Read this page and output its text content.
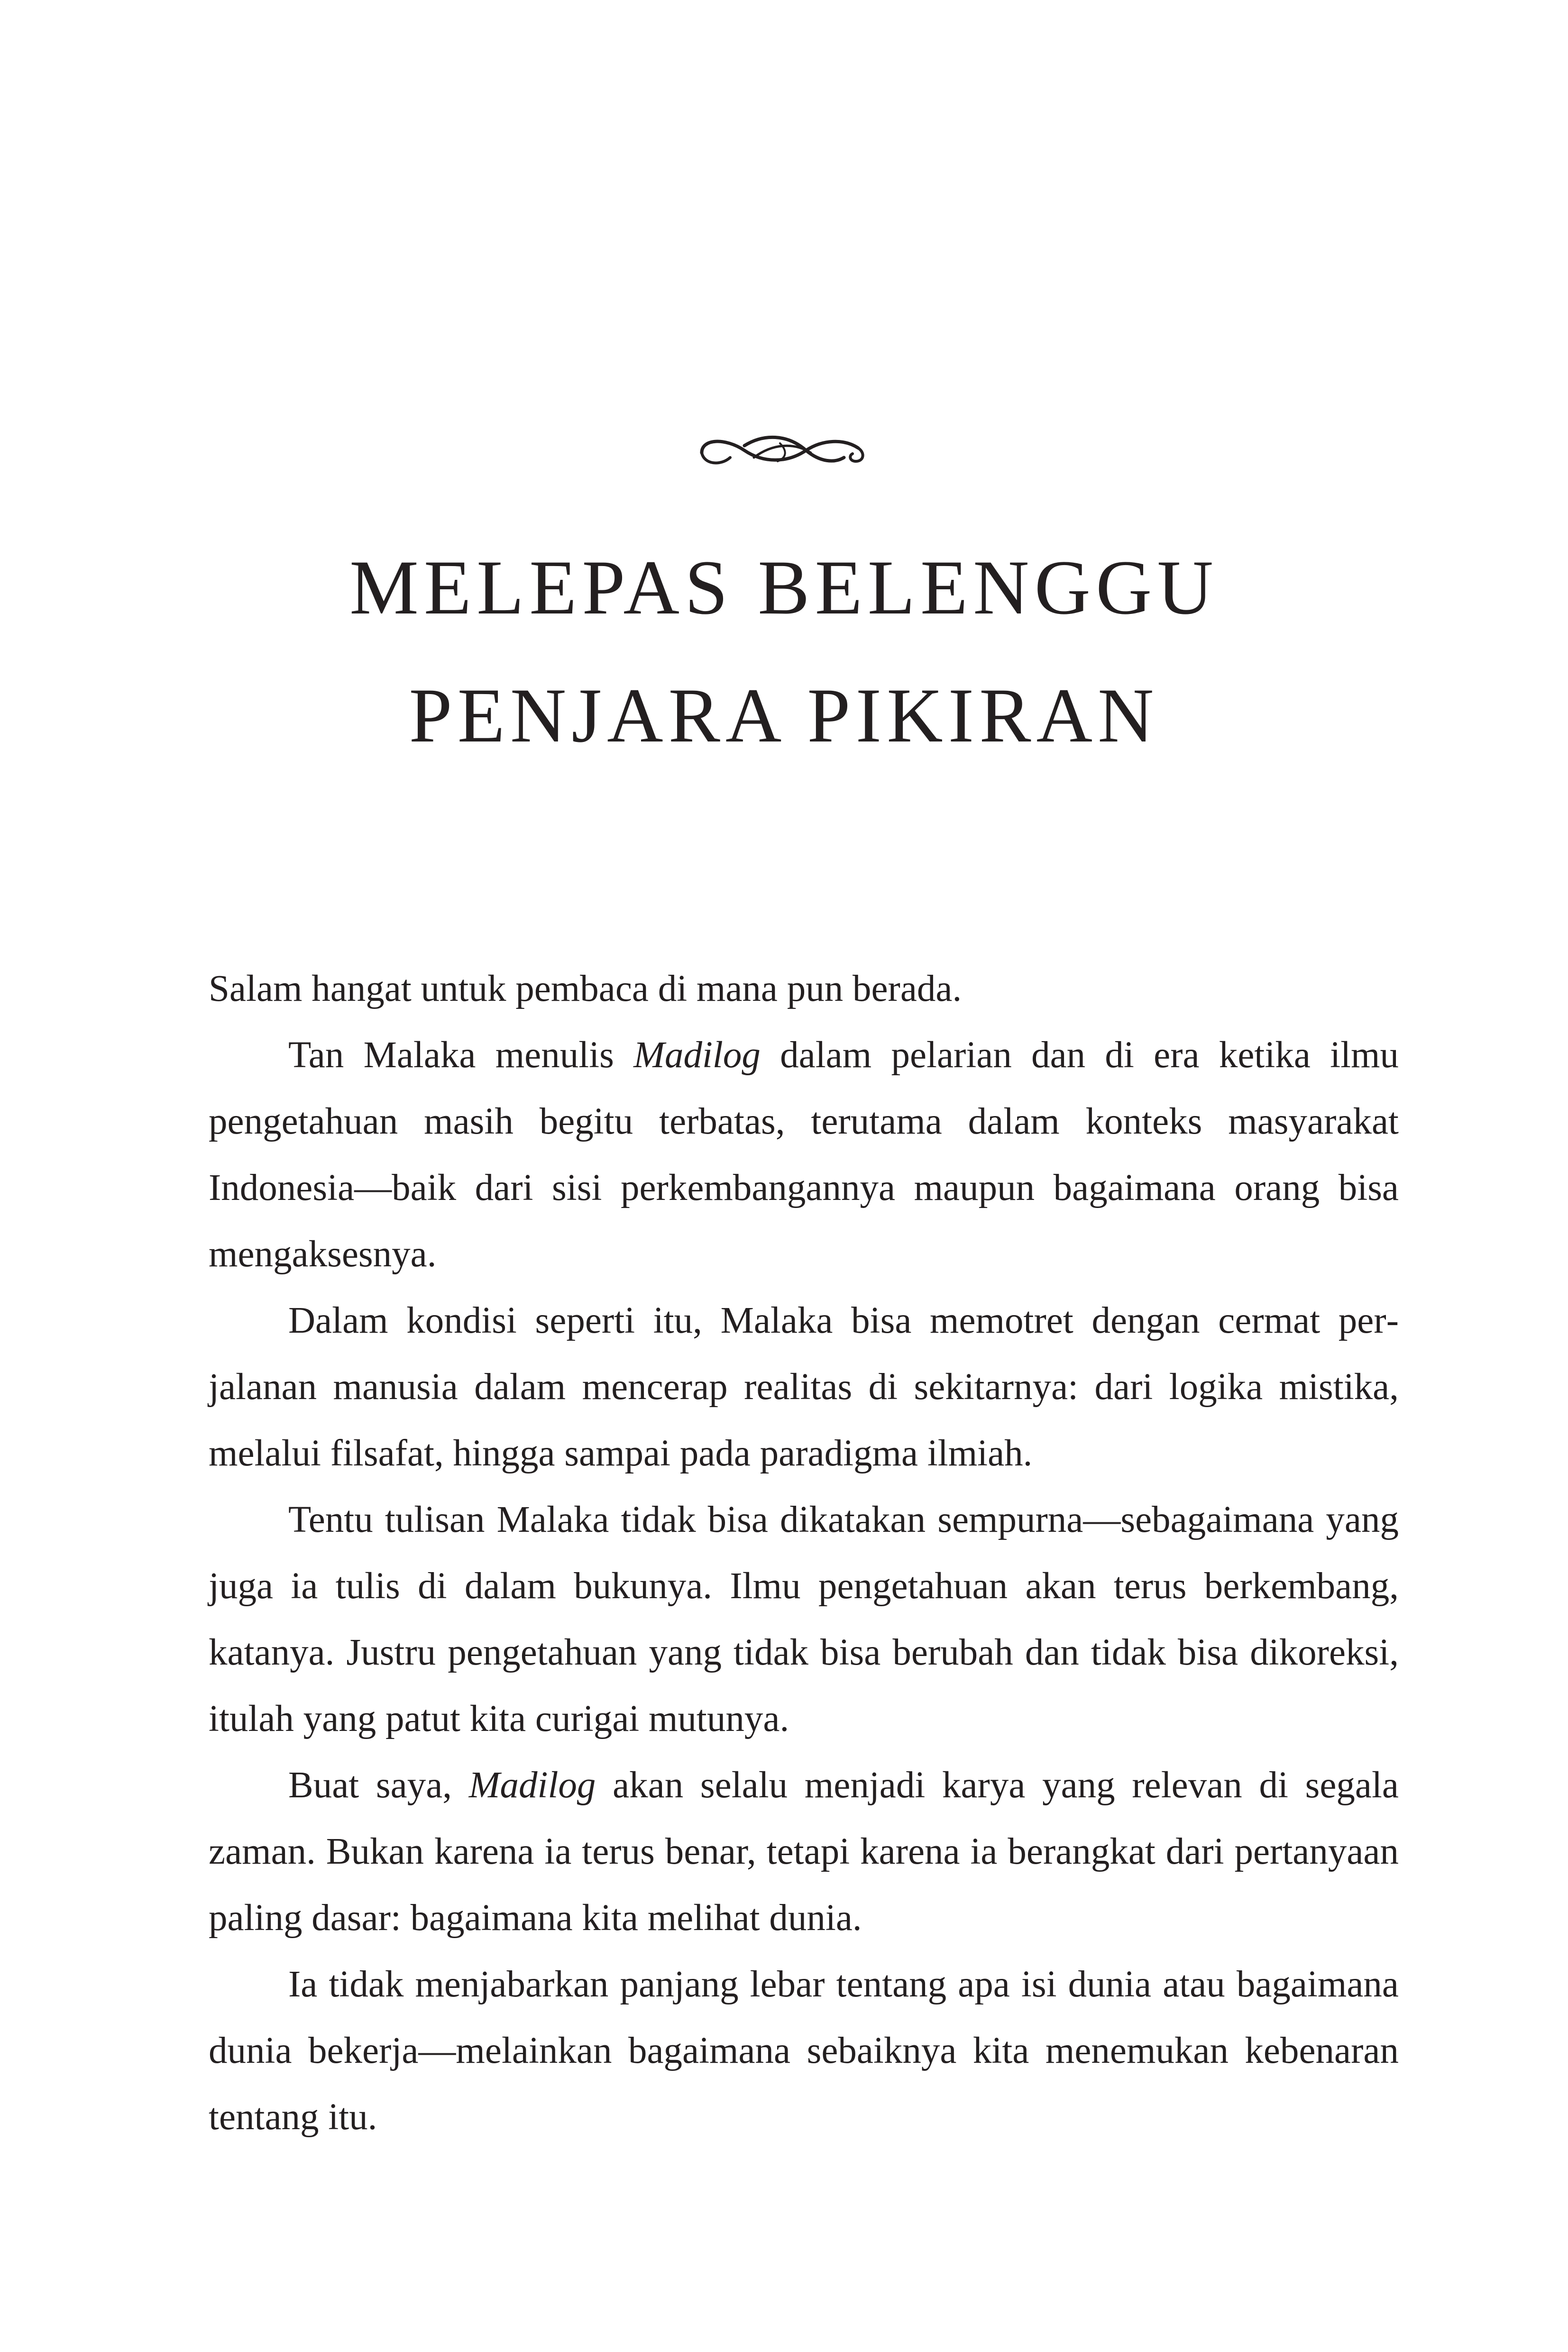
MELEPAS BELENGGU
PENJARA PIKIRAN

Salam hangat untuk pembaca di mana pun berada.

Tan Malaka menulis Madilog dalam pelarian dan di era ketika ilmu pengetahuan masih begitu terbatas, terutama dalam konteks masyarakat Indonesia—baik dari sisi perkembangannya maupun bagaimana orang bisa mengaksesnya.

Dalam kondisi seperti itu, Malaka bisa memotret dengan cermat perjalanan manusia dalam mencerap realitas di sekitarnya: dari logika mistika, melalui filsafat, hingga sampai pada paradigma ilmiah.

Tentu tulisan Malaka tidak bisa dikatakan sempurna—sebagaimana yang juga ia tulis di dalam bukunya. Ilmu pengetahuan akan terus berkembang, katanya. Justru pengetahuan yang tidak bisa berubah dan tidak bisa dikoreksi, itulah yang patut kita curigai mutunya.

Buat saya, Madilog akan selalu menjadi karya yang relevan di segala zaman. Bukan karena ia terus benar, tetapi karena ia berangkat dari pertanyaan paling dasar: bagaimana kita melihat dunia.

Ia tidak menjabarkan panjang lebar tentang apa isi dunia atau bagaimana dunia bekerja—melainkan bagaimana sebaiknya kita menemukan kebenaran tentang itu.
